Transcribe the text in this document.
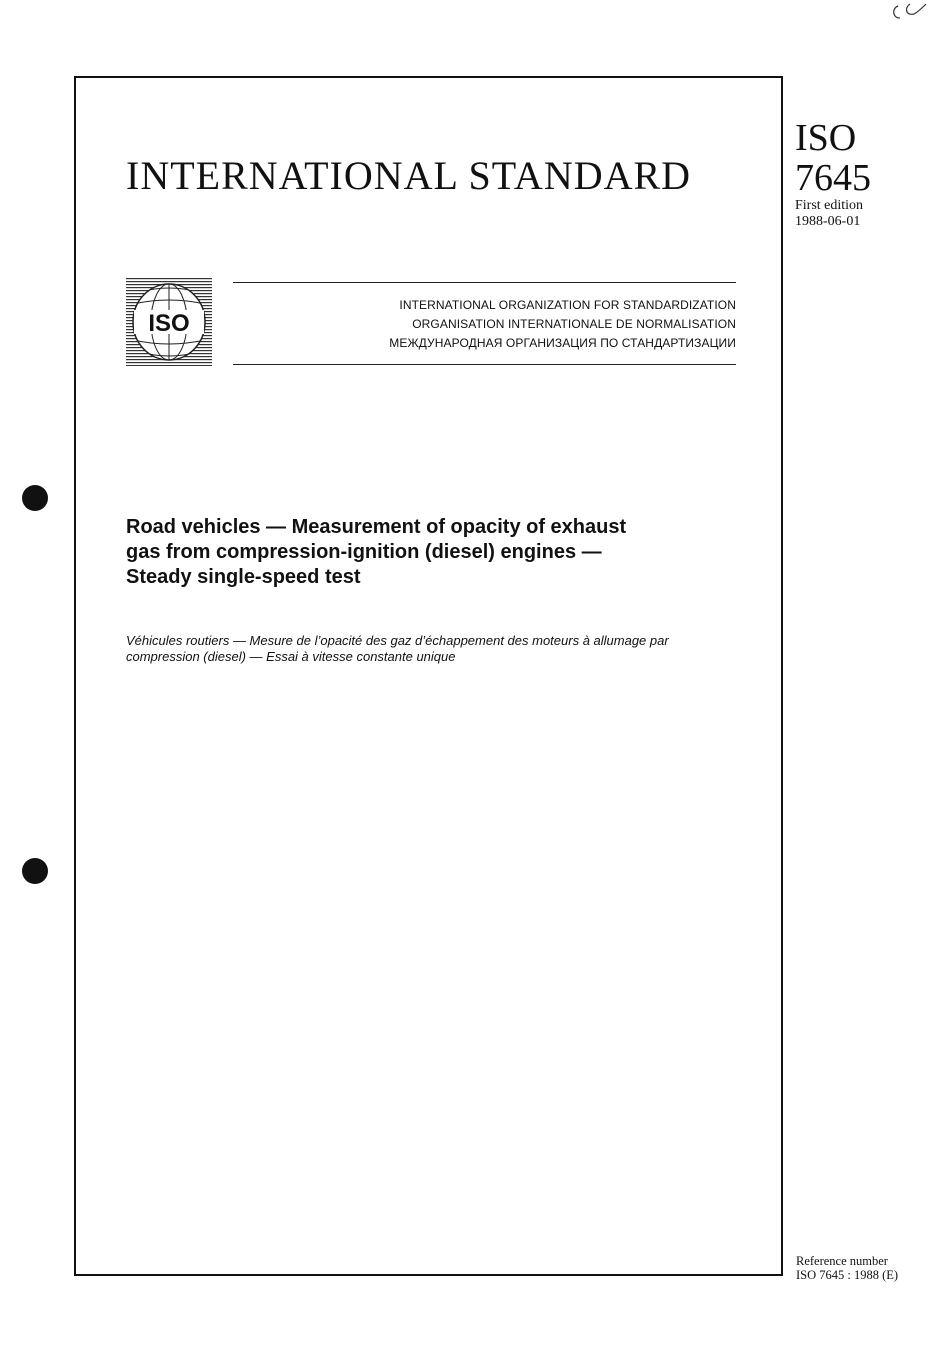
INTERNATIONAL STANDARD
ISO
7645
First edition
1988-06-01
ISO
INTERNATIONAL ORGANIZATION FOR STANDARDIZATION
ORGANISATION INTERNATIONALE DE NORMALISATION
МЕЖДУНАРОДНАЯ ОРГАНИЗАЦИЯ ПО СТАНДАРТИЗАЦИИ
Road vehicles — Measurement of opacity of exhaust
gas from compression-ignition (diesel) engines —
Steady single-speed test
Véhicules routiers — Mesure de l’opacité des gaz d’échappement des moteurs à allumage par
compression (diesel) — Essai à vitesse constante unique
Reference number
ISO 7645 : 1988 (E)
